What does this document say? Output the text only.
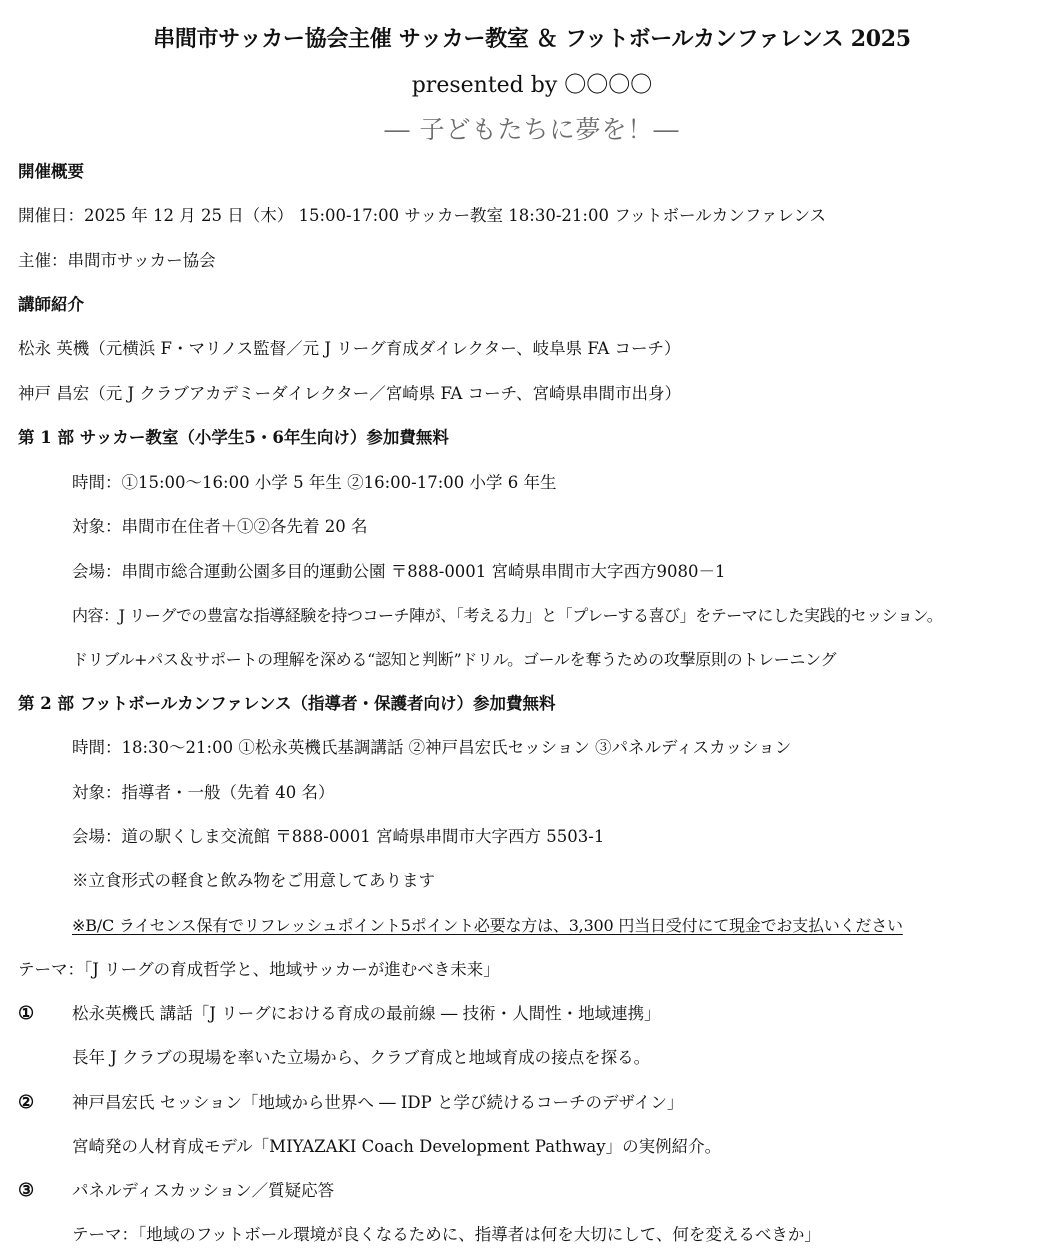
串間市サッカー協会主催 サッカー教室 ＆ フットボールカンファレンス 2025
presented by 〇〇〇〇
― 子どもたちに夢を！―
開催概要
開催日：2025 年 12 月 25 日（木） 15:00-17:00 サッカー教室 18:30-21:00 フットボールカンファレンス
主催：串間市サッカー協会
講師紹介
松永 英機（元横浜 F・マリノス監督／元 J リーグ育成ダイレクター、岐阜県 FA コーチ）
神戸 昌宏（元 J クラブアカデミーダイレクター／宮崎県 FA コーチ、宮崎県串間市出身）
第 1 部 サッカー教室（小学生5・6年生向け）参加費無料
時間：①15:00～16:00 小学 5 年生 ②16:00-17:00 小学 6 年生
対象：串間市在住者＋①②各先着 20 名
会場：串間市総合運動公園多目的運動公園 〒888-0001 宮崎県串間市大字西方9080－1
内容：J リーグでの豊富な指導経験を持つコーチ陣が、「考える力」と「プレーする喜び」をテーマにした実践的セッション。
ドリブル+パス＆サポートの理解を深める“認知と判断”ドリル。ゴールを奪うための攻撃原則のトレーニング
第 2 部 フットボールカンファレンス（指導者・保護者向け）参加費無料
時間：18:30～21:00 ①松永英機氏基調講話 ②神戸昌宏氏セッション ③パネルディスカッション
対象：指導者・一般（先着 40 名）
会場：道の駅くしま交流館 〒888-0001 宮崎県串間市大字西方 5503-1
※立食形式の軽食と飲み物をご用意してあります
※B/C ライセンス保有でリフレッシュポイント5ポイント必要な方は、3,300 円当日受付にて現金でお支払いください
テーマ：「J リーグの育成哲学と、地域サッカーが進むべき未来」
① 松永英機氏 講話「J リーグにおける育成の最前線 ― 技術・人間性・地域連携」
長年 J クラブの現場を率いた立場から、クラブ育成と地域育成の接点を探る。
② 神戸昌宏氏 セッション「地域から世界へ ― IDP と学び続けるコーチのデザイン」
宮崎発の人材育成モデル「MIYAZAKI Coach Development Pathway」の実例紹介。
③ パネルディスカッション／質疑応答
テーマ：「地域のフットボール環境が良くなるために、指導者は何を大切にして、何を変えるべきか」
